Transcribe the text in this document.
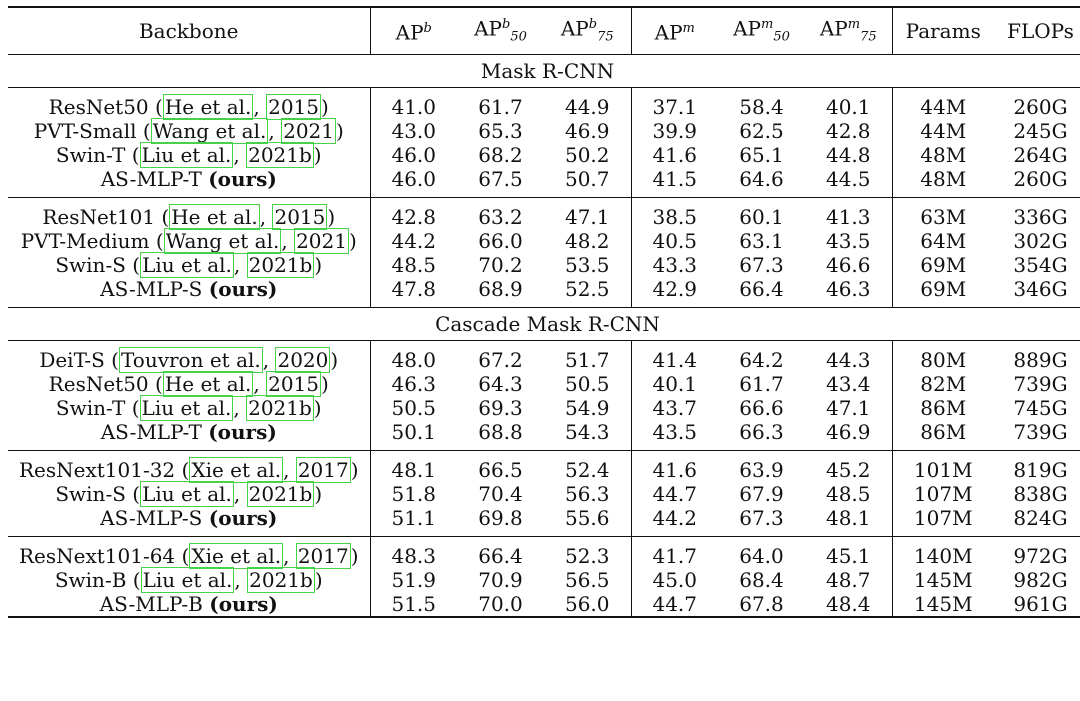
Backbone	$AP^b$	$AP^b_{50}$	$AP^b_{75}$	$AP^m$	$AP^m_{50}$	$AP^m_{75}$	Params	FLOPs
Mask R-CNN								
ResNet50 ( He et al. , 2015 )	41.0	61.7	44.9	37.1	58.4	40.1	44M	260G
PVT-Small ( Wang et al. , 2021 )	43.0	65.3	46.9	39.9	62.5	42.8	44M	245G
Swin-T ( Liu et al. , 2021b )	46.0	68.2	50.2	41.6	65.1	44.8	48M	264G
AS-MLP-T (ours)	46.0	67.5	50.7	41.5	64.6	44.5	48M	260G
ResNet101 ( He et al. , 2015 )	42.8	63.2	47.1	38.5	60.1	41.3	63M	336G
PVT-Medium ( Wang et al. , 2021 )	44.2	66.0	48.2	40.5	63.1	43.5	64M	302G
Swin-S ( Liu et al. , 2021b )	48.5	70.2	53.5	43.3	67.3	46.6	69M	354G
AS-MLP-S (ours)	47.8	68.9	52.5	42.9	66.4	46.3	69M	346G
Cascade Mask R-CNN								
DeiT-S ( Touvron et al. , 2020 )	48.0	67.2	51.7	41.4	64.2	44.3	80M	889G
ResNet50 ( He et al. , 2015 )	46.3	64.3	50.5	40.1	61.7	43.4	82M	739G
Swin-T ( Liu et al. , 2021b )	50.5	69.3	54.9	43.7	66.6	47.1	86M	745G
AS-MLP-T (ours)	50.1	68.8	54.3	43.5	66.3	46.9	86M	739G
ResNext101-32 ( Xie et al. , 2017 )	48.1	66.5	52.4	41.6	63.9	45.2	101M	819G
Swin-S ( Liu et al. , 2021b )	51.8	70.4	56.3	44.7	67.9	48.5	107M	838G
AS-MLP-S (ours)	51.1	69.8	55.6	44.2	67.3	48.1	107M	824G
ResNext101-64 ( Xie et al. , 2017 )	48.3	66.4	52.3	41.7	64.0	45.1	140M	972G
Swin-B ( Liu et al. , 2021b )	51.9	70.9	56.5	45.0	68.4	48.7	145M	982G
AS-MLP-B (ours)	51.5	70.0	56.0	44.7	67.8	48.4	145M	961G
